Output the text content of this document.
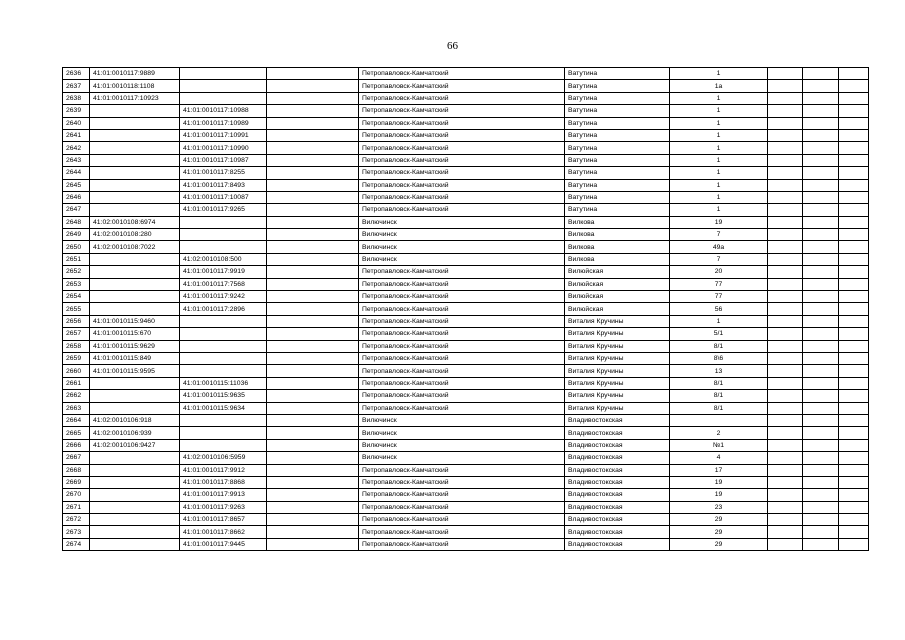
66
2636	41:01:0010117:9889			Петропавловск-Камчатский	Ватутина	1			
2637	41:01:0010118:1108			Петропавловск-Камчатский	Ватутина	1а			
2638	41:01:0010117:10923			Петропавловск-Камчатский	Ватутина	1			
2639		41:01:0010117:10988		Петропавловск-Камчатский	Ватутина	1			
2640		41:01:0010117:10989		Петропавловск-Камчатский	Ватутина	1			
2641		41:01:0010117:10991		Петропавловск-Камчатский	Ватутина	1			
2642		41:01:0010117:10990		Петропавловск-Камчатский	Ватутина	1			
2643		41:01:0010117:10987		Петропавловск-Камчатский	Ватутина	1			
2644		41:01:0010117:8255		Петропавловск-Камчатский	Ватутина	1			
2645		41:01:0010117:8493		Петропавловск-Камчатский	Ватутина	1			
2646		41:01:0010117:10087		Петропавловск-Камчатский	Ватутина	1			
2647		41:01:0010117:9265		Петропавловск-Камчатский	Ватутина	1			
2648	41:02:0010108:6974			Вилючинск	Вилкова	19			
2649	41:02:0010108:280			Вилючинск	Вилкова	7			
2650	41:02:0010108:7022			Вилючинск	Вилкова	49а			
2651		41:02:0010108:500		Вилючинск	Вилкова	7			
2652		41:01:0010117:9919		Петропавловск-Камчатский	Вилюйская	20			
2653		41:01:0010117:7568		Петропавловск-Камчатский	Вилюйская	77			
2654		41:01:0010117:9242		Петропавловск-Камчатский	Вилюйская	77			
2655		41:01:0010117:2896		Петропавловск-Камчатский	Вилюйская	56			
2656	41:01:0010115:9460			Петропавловск-Камчатский	Виталия Кручины	1			
2657	41:01:0010115:670			Петропавловск-Камчатский	Виталия Кручины	5/1			
2658	41:01:0010115:9629			Петропавловск-Камчатский	Виталия Кручины	8/1			
2659	41:01:0010115:849			Петропавловск-Камчатский	Виталия Кручины	8\6			
2660	41:01:0010115:9595			Петропавловск-Камчатский	Виталия Кручины	13			
2661		41:01:0010115:11036		Петропавловск-Камчатский	Виталия Кручины	8/1			
2662		41:01:0010115:9635		Петропавловск-Камчатский	Виталия Кручины	8/1			
2663		41:01:0010115:9634		Петропавловск-Камчатский	Виталия Кручины	8/1			
2664	41:02:0010106:918			Вилючинск	Владивостокская				
2665	41:02:0010106:939			Вилючинск	Владивостокская	2			
2666	41:02:0010106:9427			Вилючинск	Владивостокская	№1			
2667		41:02:0010106:5959		Вилючинск	Владивостокская	4			
2668		41:01:0010117:9912		Петропавловск-Камчатский	Владивостокская	17			
2669		41:01:0010117:8868		Петропавловск-Камчатский	Владивостокская	19			
2670		41:01:0010117:9913		Петропавловск-Камчатский	Владивостокская	19			
2671		41:01:0010117:9263		Петропавловск-Камчатский	Владивостокская	23			
2672		41:01:0010117:8657		Петропавловск-Камчатский	Владивостокская	29			
2673		41:01:0010117:8662		Петропавловск-Камчатский	Владивостокская	29			
2674		41:01:0010117:9445		Петропавловск-Камчатский	Владивостокская	29			
